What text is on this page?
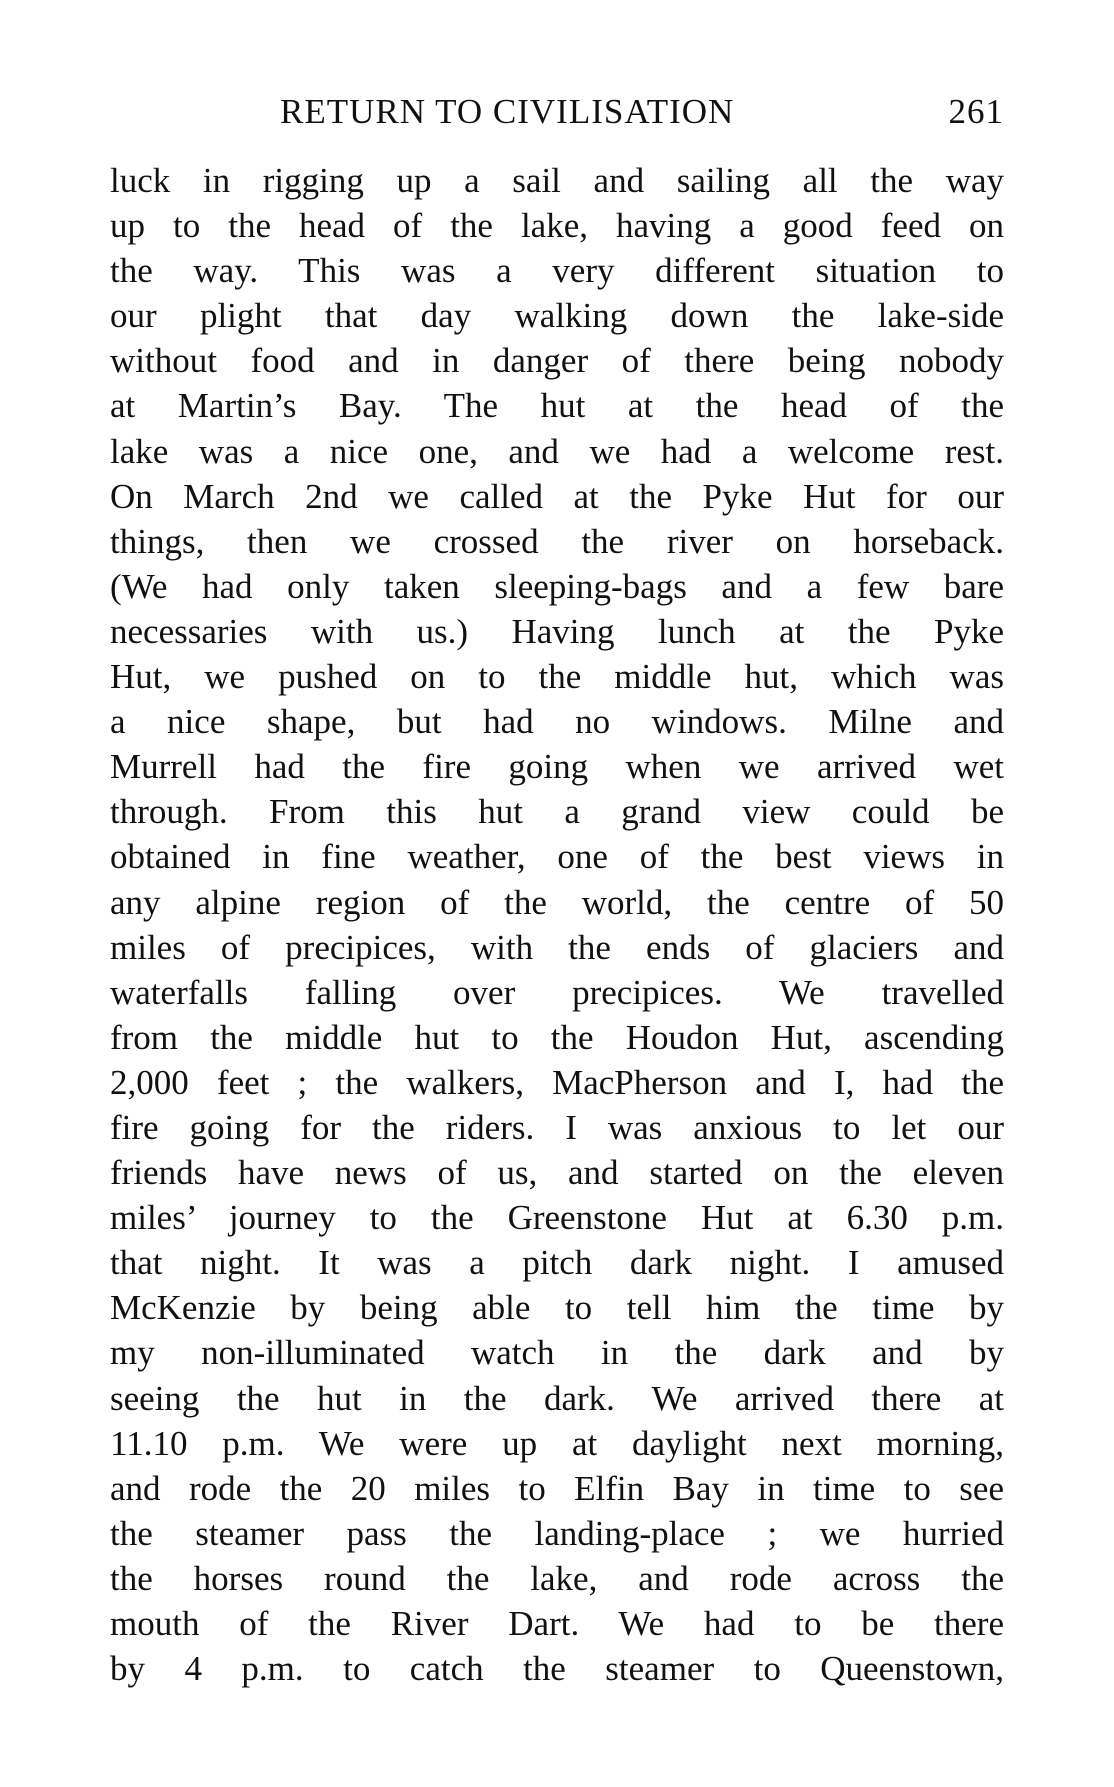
RETURN TO CIVILISATION	261
luck in rigging up a sail and sailing all the way
up to the head of the lake, having a good feed on
the way. This was a very different situation to
our plight that day walking down the lake-side
without food and in danger of there being nobody
at Martin’s Bay. The hut at the head of the
lake was a nice one, and we had a welcome rest.
On March 2nd we called at the Pyke Hut for our
things, then we crossed the river on horseback.
(We had only taken sleeping-bags and a few bare
necessaries with us.) Having lunch at the Pyke
Hut, we pushed on to the middle hut, which was
a nice shape, but had no windows. Milne and
Murrell had the fire going when we arrived wet
through. From this hut a grand view could be
obtained in fine weather, one of the best views in
any alpine region of the world, the centre of 50
miles of precipices, with the ends of glaciers and
waterfalls falling over precipices. We travelled
from the middle hut to the Houdon Hut, ascending
2,000 feet ; the walkers, MacPherson and I, had the
fire going for the riders. I was anxious to let our
friends have news of us, and started on the eleven
miles’ journey to the Greenstone Hut at 6.30 p.m.
that night. It was a pitch dark night. I amused
McKenzie by being able to tell him the time by
my non-illuminated watch in the dark and by
seeing the hut in the dark. We arrived there at
11.10 p.m. We were up at daylight next morning,
and rode the 20 miles to Elfin Bay in time to see
the steamer pass the landing-place ; we hurried
the horses round the lake, and rode across the
mouth of the River Dart. We had to be there
by 4 p.m. to catch the steamer to Queenstown,
